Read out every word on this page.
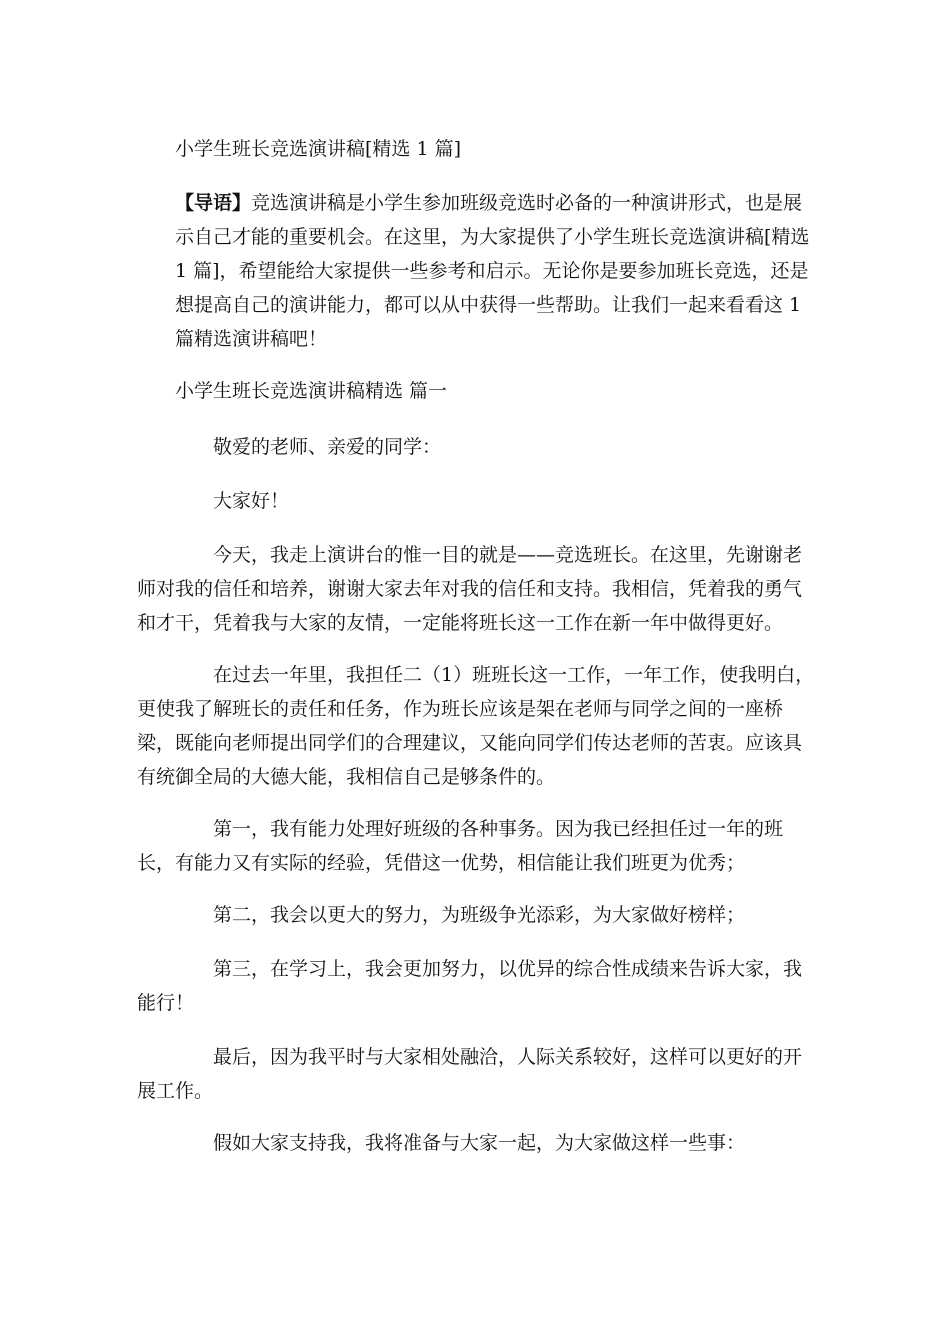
小学生班长竞选演讲稿[精选 1 篇]
【导语】竞选演讲稿是小学生参加班级竞选时必备的一种演讲形式，也是展示自己才能的重要机会。在这里，为大家提供了小学生班长竞选演讲稿[精选 1 篇]，希望能给大家提供一些参考和启示。无论你是要参加班长竞选，还是想提高自己的演讲能力，都可以从中获得一些帮助。让我们一起来看看这 1 篇精选演讲稿吧！
小学生班长竞选演讲稿精选 篇一
敬爱的老师、亲爱的同学：
大家好！
今天，我走上演讲台的惟一目的就是——竞选班长。在这里，先谢谢老师对我的信任和培养，谢谢大家去年对我的信任和支持。我相信，凭着我的勇气和才干，凭着我与大家的友情，一定能将班长这一工作在新一年中做得更好。
在过去一年里，我担任二（1）班班长这一工作，一年工作，使我明白，更使我了解班长的责任和任务，作为班长应该是架在老师与同学之间的一座桥梁，既能向老师提出同学们的合理建议，又能向同学们传达老师的苦衷。应该具有统御全局的大德大能，我相信自己是够条件的。
第一，我有能力处理好班级的各种事务。因为我已经担任过一年的班长，有能力又有实际的经验，凭借这一优势，相信能让我们班更为优秀；
第二，我会以更大的努力，为班级争光添彩，为大家做好榜样；
第三，在学习上，我会更加努力，以优异的综合性成绩来告诉大家，我能行！
最后，因为我平时与大家相处融洽，人际关系较好，这样可以更好的开展工作。
假如大家支持我，我将准备与大家一起，为大家做这样一些事：
